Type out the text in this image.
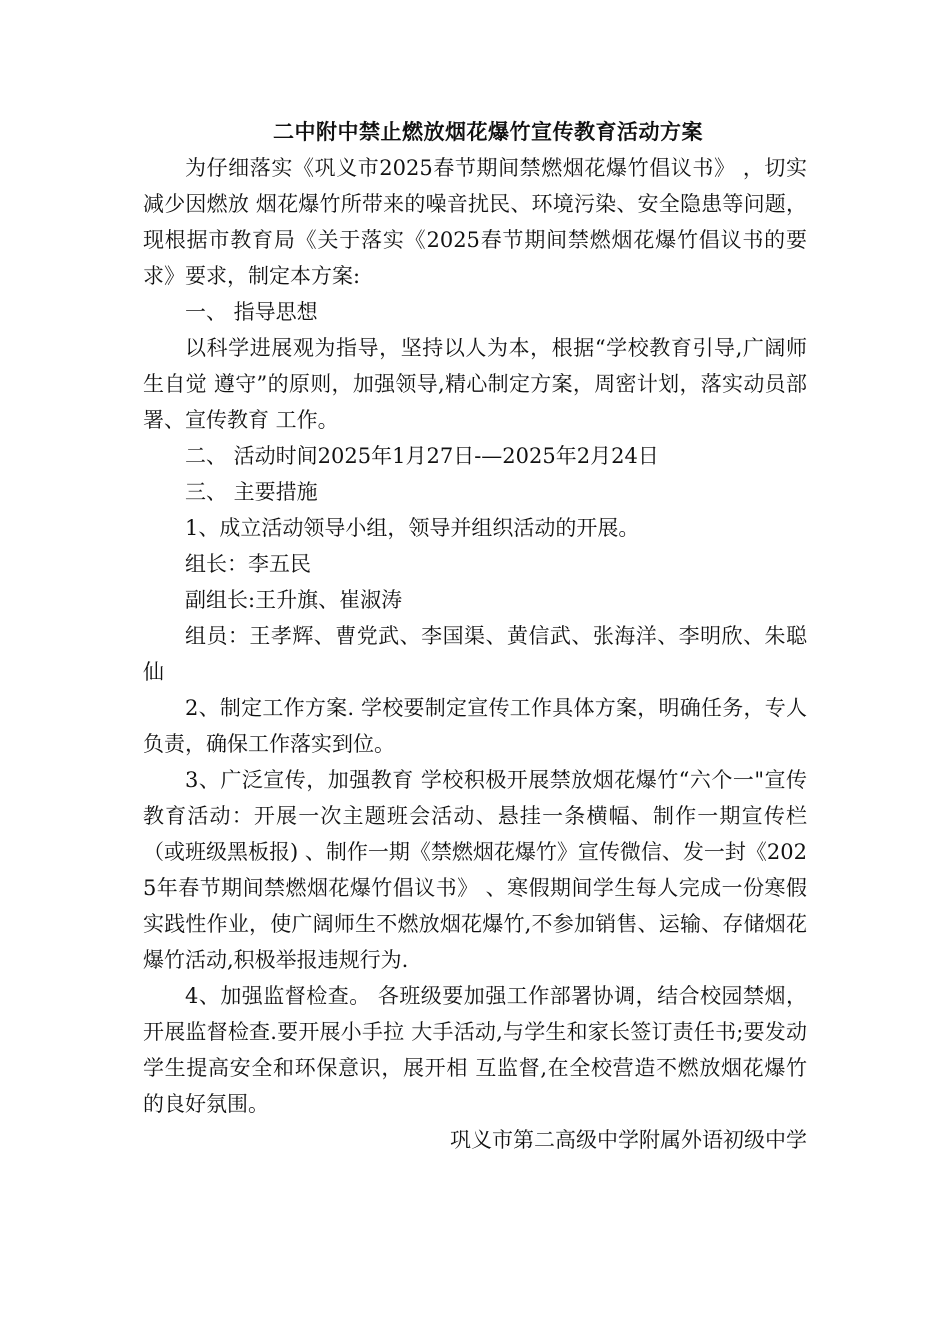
二中附中禁止燃放烟花爆竹宣传教育活动方案

为仔细落实《巩义市2025春节期间禁燃烟花爆竹倡议书》 ，切实减少因燃放 烟花爆竹所带来的噪音扰民、环境污染、安全隐患等问题，现根据市教育局《关于落实《2025春节期间禁燃烟花爆竹倡议书的要求》要求，制定本方案:

一、 指导思想

以科学进展观为指导，坚持以人为本，根据“学校教育引导,广阔师生自觉 遵守”的原则，加强领导,精心制定方案，周密计划，落实动员部署、宣传教育 工作。

二、 活动时间2025年1月27日-—2025年2月24日

三、 主要措施

1、成立活动领导小组，领导并组织活动的开展。

组长：李五民

副组长:王升旗、崔淑涛

组员：王孝辉、曹党武、李国渠、黄信武、张海洋、李明欣、朱聪仙

2、制定工作方案. 学校要制定宣传工作具体方案，明确任务，专人负责，确保工作落实到位。

3、广泛宣传，加强教育 学校积极开展禁放烟花爆竹“六个一"宣传教育活动：开展一次主题班会活动、悬挂一条横幅、制作一期宣传栏（或班级黑板报) 、制作一期《禁燃烟花爆竹》宣传微信、发一封《2025年春节期间禁燃烟花爆竹倡议书》 、寒假期间学生每人完成一份寒假实践性作业，使广阔师生不燃放烟花爆竹,不参加销售、运输、存储烟花爆竹活动,积极举报违规行为.

4、加强监督检查。 各班级要加强工作部署协调，结合校园禁烟，开展监督检查.要开展小手拉 大手活动,与学生和家长签订责任书;要发动学生提高安全和环保意识，展开相 互监督,在全校营造不燃放烟花爆竹的良好氛围。

巩义市第二高级中学附属外语初级中学
